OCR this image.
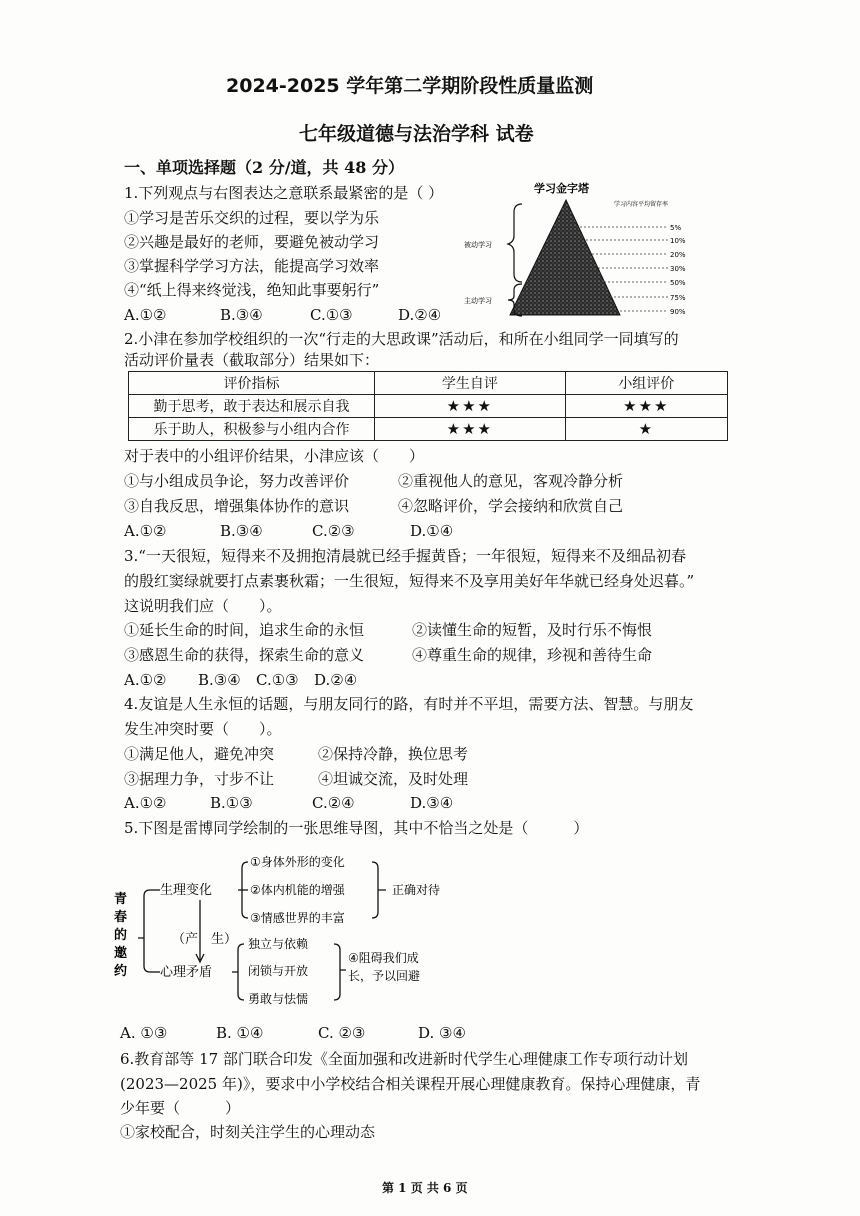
2024-2025 学年第二学期阶段性质量监测
七年级道德与法治学科 试卷
一、单项选择题（2 分/道，共 48 分）
1.下列观点与右图表达之意联系最紧密的是（ ）
①学习是苦乐交织的过程，要以学为乐
②兴趣是最好的老师，要避免被动学习
③掌握科学学习方法，能提高学习效率
④“纸上得来终觉浅，绝知此事要躬行”
A.①②	B.③④	C.①③	D.②④
学习金字塔
学习内容平均留存率
被动学习
主动学习
5%
10%
20%
30%
50%
75%
90%
2.小津在参加学校组织的一次“行走的大思政课”活动后，和所在小组同学一同填写的
活动评价量表（截取部分）结果如下：
评价指标	学生自评	小组评价
勤于思考，敢于表达和展示自我	★★★	★★★
乐于助人，积极参与小组内合作	★★★	★
对于表中的小组评价结果，小津应该（　　）
①与小组成员争论，努力改善评价	②重视他人的意见，客观冷静分析
③自我反思，增强集体协作的意识	④忽略评价，学会接纳和欣赏自己
A.①②	B.③④	C.②③	D.①④
3.“一天很短，短得来不及拥抱清晨就已经手握黄昏；一年很短，短得来不及细品初春
的殷红窦绿就要打点素裹秋霜；一生很短，短得来不及享用美好年华就已经身处迟暮。”
这说明我们应（　　）。
①延长生命的时间，追求生命的永恒	②读懂生命的短暂，及时行乐不悔恨
③感恩生命的获得，探索生命的意义	④尊重生命的规律，珍视和善待生命
A.①② B.③④ C.①③ D.②④
4.友谊是人生永恒的话题，与朋友同行的路，有时并不平坦，需要方法、智慧。与朋友
发生冲突时要（　　）。
①满足他人，避免冲突	②保持冷静，换位思考
③据理力争，寸步不让	④坦诚交流，及时处理
A.①②	B.①③	C.②④	D.③④
5.下图是雷博同学绘制的一张思维导图，其中不恰当之处是（　　　）
青
春
的
邀
约
生理变化
①身体外形的变化
②体内机能的增强
③情感世界的丰富
正确对待
（产　生）
心理矛盾
独立与依赖
闭锁与开放
勇敢与怯懦
④阻碍我们成
长，予以回避
A. ①③	B. ①④	C. ②③	D. ③④
6.教育部等 17 部门联合印发《全面加强和改进新时代学生心理健康工作专项行动计划
(2023—2025 年)》，要求中小学校结合相关课程开展心理健康教育。保持心理健康，青
少年要（　　　）
①家校配合，时刻关注学生的心理动态
第 1 页 共 6 页
